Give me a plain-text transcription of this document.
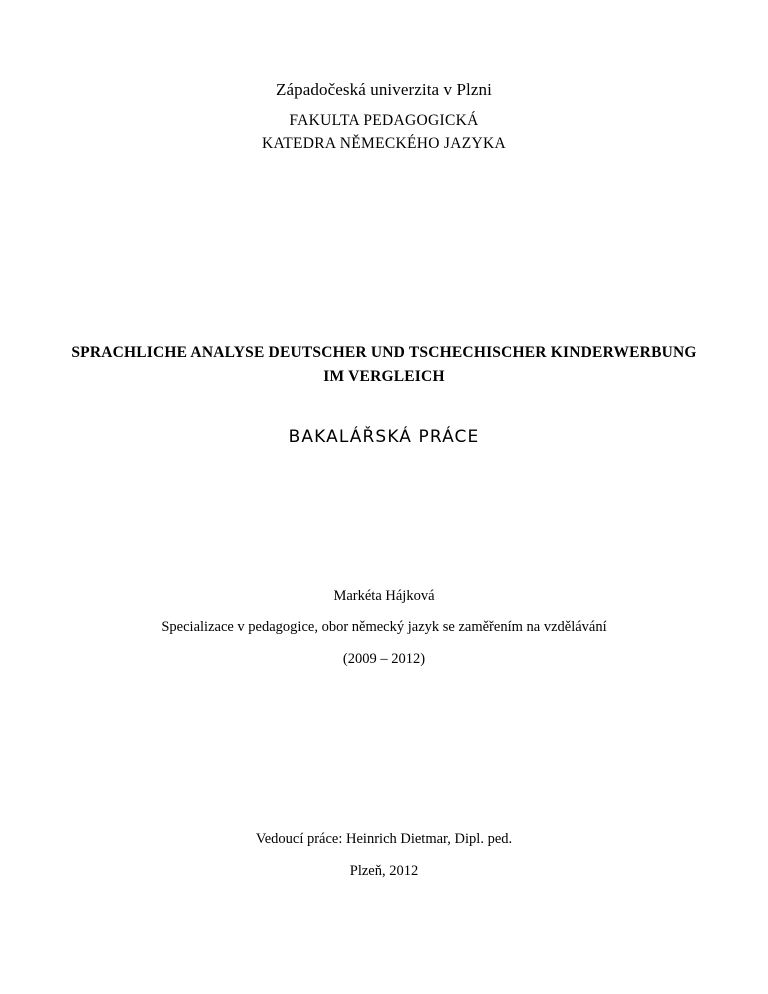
Západočeská univerzita v Plzni
FAKULTA PEDAGOGICKÁ
KATEDRA NĚMECKÉHO JAZYKA
SPRACHLICHE ANALYSE DEUTSCHER UND TSCHECHISCHER KINDERWERBUNG IM VERGLEICH
BAKALÁŘSKÁ PRÁCE
Markéta Hájková
Specializace v pedagogice, obor německý jazyk se zaměřením na vzdělávání
(2009 – 2012)
Vedoucí práce: Heinrich Dietmar, Dipl. ped.
Plzeň, 2012
